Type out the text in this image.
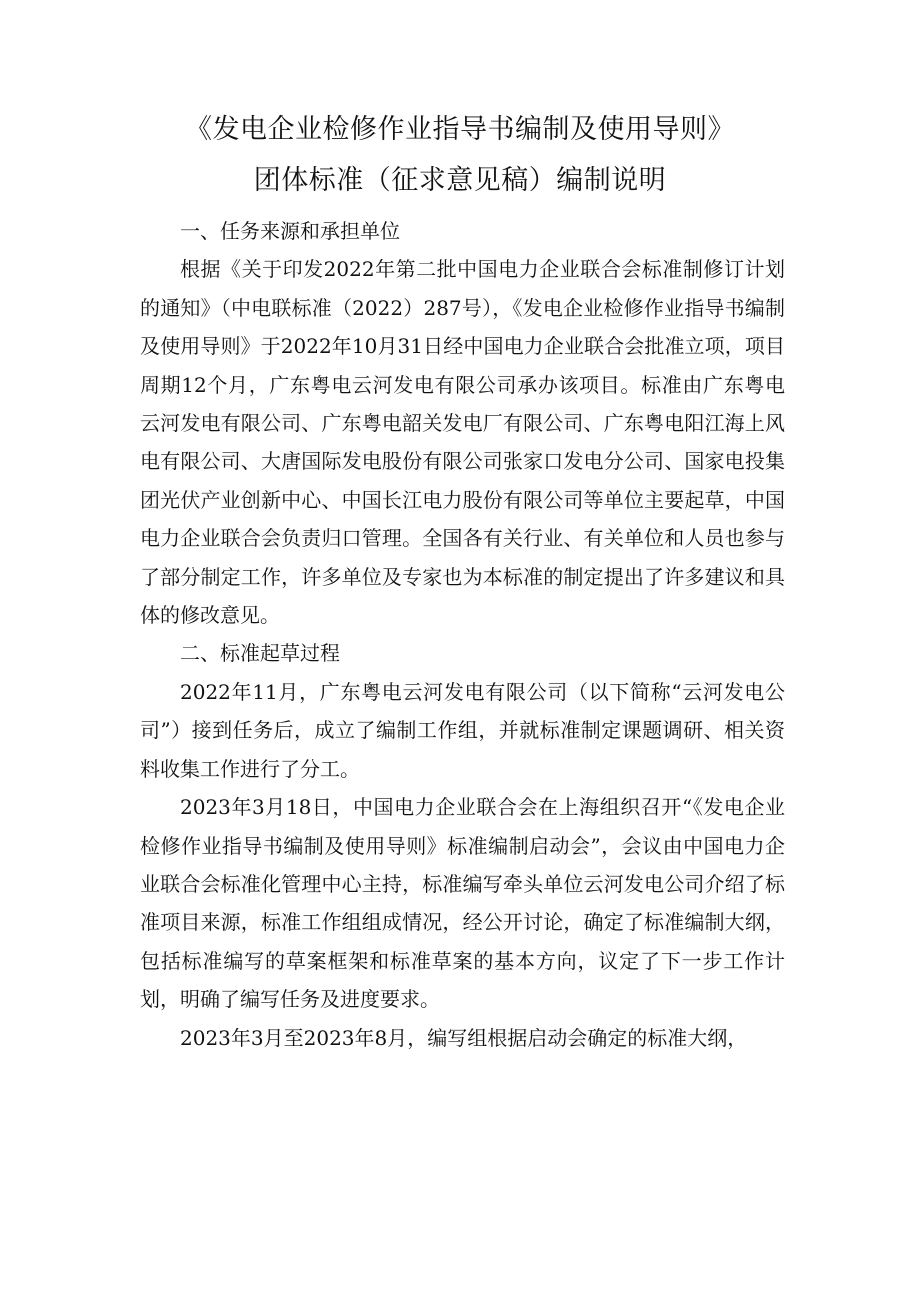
《发电企业检修作业指导书编制及使用导则》
团体标准（征求意见稿）编制说明

一、任务来源和承担单位

根据《关于印发2022年第二批中国电力企业联合会标准制修订计划的通知》（中电联标准（2022）287号），《发电企业检修作业指导书编制及使用导则》于2022年10月31日经中国电力企业联合会批准立项，项目周期12个月，广东粤电云河发电有限公司承办该项目。标准由广东粤电云河发电有限公司、广东粤电韶关发电厂有限公司、广东粤电阳江海上风电有限公司、大唐国际发电股份有限公司张家口发电分公司、国家电投集团光伏产业创新中心、中国长江电力股份有限公司等单位主要起草，中国电力企业联合会负责归口管理。全国各有关行业、有关单位和人员也参与了部分制定工作，许多单位及专家也为本标准的制定提出了许多建议和具体的修改意见。

二、标准起草过程

2022年11月，广东粤电云河发电有限公司（以下简称“云河发电公司”）接到任务后，成立了编制工作组，并就标准制定课题调研、相关资料收集工作进行了分工。

2023年3月18日，中国电力企业联合会在上海组织召开“《发电企业检修作业指导书编制及使用导则》标准编制启动会”，会议由中国电力企业联合会标准化管理中心主持，标准编写牵头单位云河发电公司介绍了标准项目来源，标准工作组组成情况，经公开讨论，确定了标准编制大纲，包括标准编写的草案框架和标准草案的基本方向，议定了下一步工作计划，明确了编写任务及进度要求。

2023年3月至2023年8月，编写组根据启动会确定的标准大纲，
